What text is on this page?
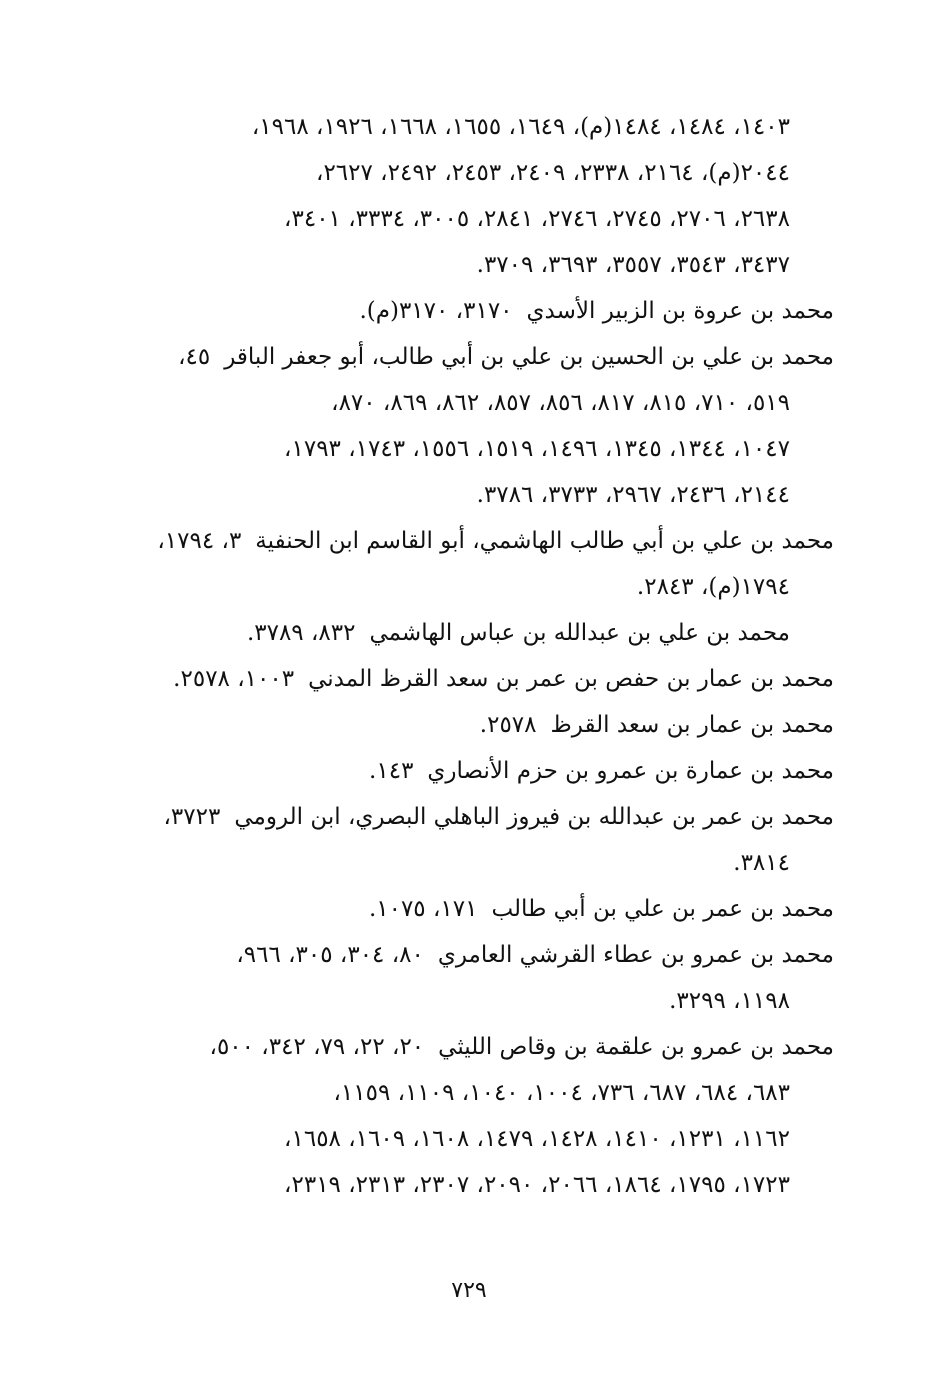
١٤٠٣، ١٤٨٤، ١٤٨٤(م)، ١٦٤٩، ١٦٥٥، ١٦٦٨، ١٩٢٦، ١٩٦٨،
٢٠٤٤(م)، ٢١٦٤، ٢٣٣٨، ٢٤٠٩، ٢٤٥٣، ٢٤٩٢، ٢٦٢٧،
٢٦٣٨، ٢٧٠٦، ٢٧٤٥، ٢٧٤٦، ٢٨٤١، ٣٠٠٥، ٣٣٣٤، ٣٤٠١،
٣٤٣٧، ٣٥٤٣، ٣٥٥٧، ٣٦٩٣، ٣٧٠٩.
محمد بن عروة بن الزبير الأسدي٣١٧٠، ٣١٧٠(م).
محمد بن علي بن الحسين بن علي بن أبي طالب، أبو جعفر الباقر٤٥،
٥١٩، ٧١٠، ٨١٥، ٨١٧، ٨٥٦، ٨٥٧، ٨٦٢، ٨٦٩، ٨٧٠،
١٠٤٧، ١٣٤٤، ١٣٤٥، ١٤٩٦، ١٥١٩، ١٥٥٦، ١٧٤٣، ١٧٩٣،
٢١٤٤، ٢٤٣٦، ٢٩٦٧، ٣٧٣٣، ٣٧٨٦.
محمد بن علي بن أبي طالب الهاشمي، أبو القاسم ابن الحنفية٣، ١٧٩٤،
١٧٩٤(م)، ٢٨٤٣.
محمد بن علي بن عبدالله بن عباس الهاشمي٨٣٢، ٣٧٨٩.
محمد بن عمار بن حفص بن عمر بن سعد القرظ المدني١٠٠٣، ٢٥٧٨.
محمد بن عمار بن سعد القرظ٢٥٧٨.
محمد بن عمارة بن عمرو بن حزم الأنصاري١٤٣.
محمد بن عمر بن عبدالله بن فيروز الباهلي البصري، ابن الرومي٣٧٢٣،
٣٨١٤.
محمد بن عمر بن علي بن أبي طالب١٧١، ١٠٧٥.
محمد بن عمرو بن عطاء القرشي العامري٨٠، ٣٠٤، ٣٠٥، ٩٦٦،
١١٩٨، ٣٢٩٩.
محمد بن عمرو بن علقمة بن وقاص الليثي٢٠، ٢٢، ٧٩، ٣٤٢، ٥٠٠،
٦٨٣، ٦٨٤، ٦٨٧، ٧٣٦، ١٠٠٤، ١٠٤٠، ١١٠٩، ١١٥٩،
١١٦٢، ١٢٣١، ١٤١٠، ١٤٢٨، ١٤٧٩، ١٦٠٨، ١٦٠٩، ١٦٥٨،
١٧٢٣، ١٧٩٥، ١٨٦٤، ٢٠٦٦، ٢٠٩٠، ٢٣٠٧، ٢٣١٣، ٢٣١٩،
٧٢٩
